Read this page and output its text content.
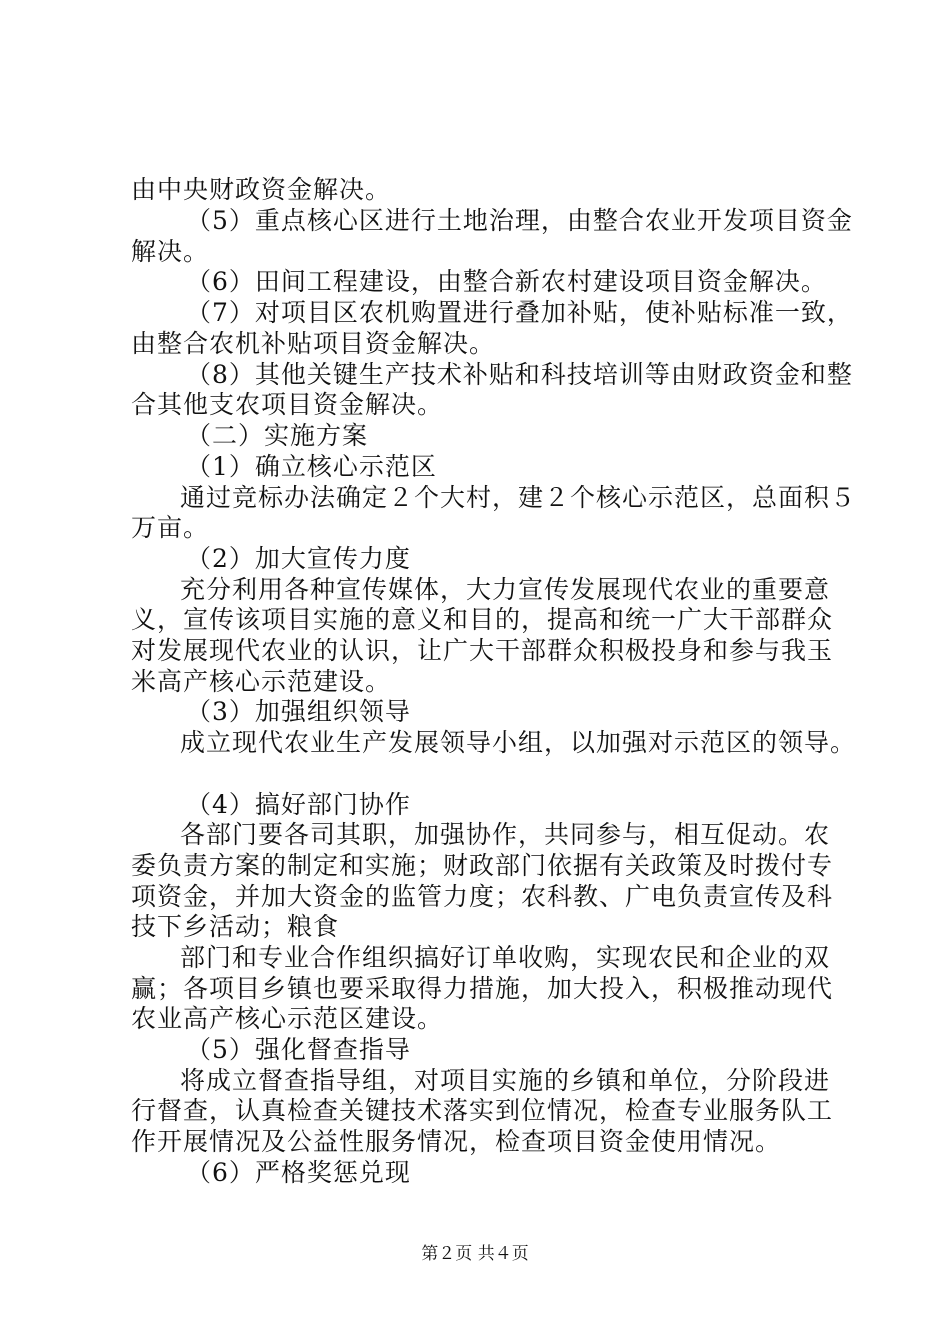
由中央财政资金解决。
（5）重点核心区进行土地治理，由整合农业开发项目资金
解决。
（6）田间工程建设，由整合新农村建设项目资金解决。
（7）对项目区农机购置进行叠加补贴，使补贴标准一致，
由整合农机补贴项目资金解决。
（8）其他关键生产技术补贴和科技培训等由财政资金和整
合其他支农项目资金解决。
（二）实施方案
（1）确立核心示范区
通过竞标办法确定２个大村，建２个核心示范区，总面积５
万亩。
（2）加大宣传力度
充分利用各种宣传媒体，大力宣传发展现代农业的重要意
义，宣传该项目实施的意义和目的，提高和统一广大干部群众
对发展现代农业的认识，让广大干部群众积极投身和参与我玉
米高产核心示范建设。
（3）加强组织领导
成立现代农业生产发展领导小组，以加强对示范区的领导。
（4）搞好部门协作
各部门要各司其职，加强协作，共同参与，相互促动。农
委负责方案的制定和实施；财政部门依据有关政策及时拨付专
项资金，并加大资金的监管力度；农科教、广电负责宣传及科
技下乡活动；粮食
部门和专业合作组织搞好订单收购，实现农民和企业的双
赢；各项目乡镇也要采取得力措施，加大投入，积极推动现代
农业高产核心示范区建设。
（5）强化督查指导
将成立督查指导组，对项目实施的乡镇和单位，分阶段进
行督查，认真检查关键技术落实到位情况，检查专业服务队工
作开展情况及公益性服务情况，检查项目资金使用情况。
（6）严格奖惩兑现
第２页 共４页
